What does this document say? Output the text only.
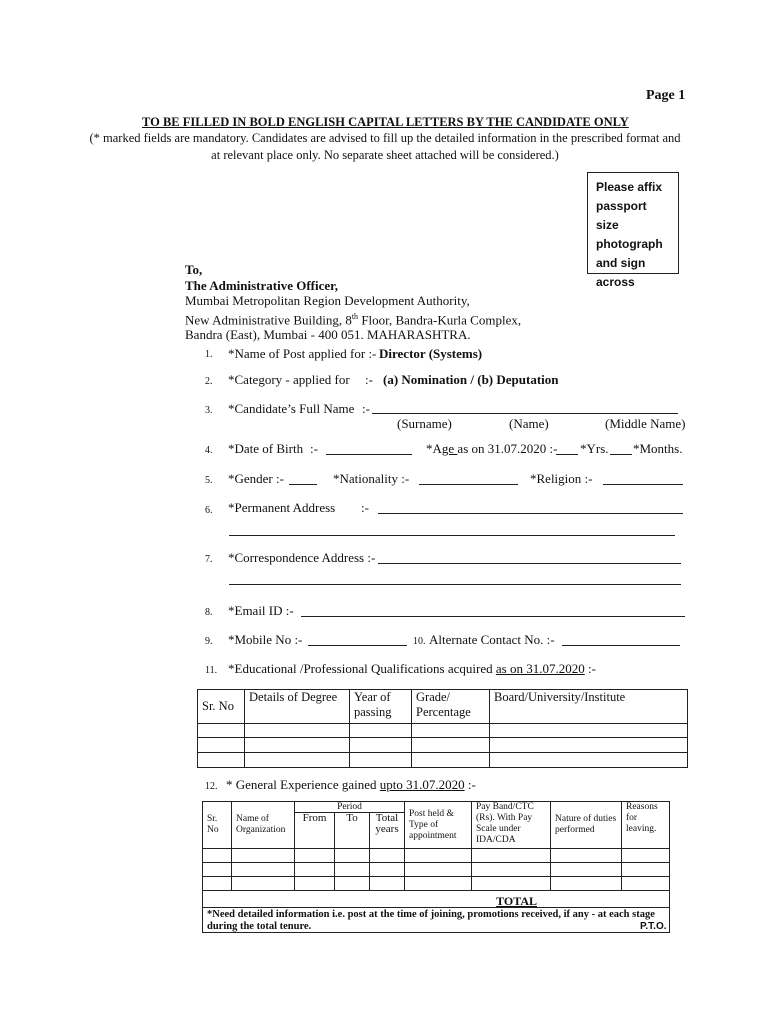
Page 1
TO BE FILLED IN BOLD ENGLISH CAPITAL LETTERS BY THE CANDIDATE ONLY
(* marked fields are mandatory. Candidates are advised to fill up the detailed information in the prescribed format and
at relevant place only. No separate sheet attached will be considered.)
Please affix
passport size
photograph
and sign
across
To,
The Administrative Officer,
Mumbai Metropolitan Region Development Authority,
New Administrative Building, 8th Floor, Bandra-Kurla Complex,
Bandra (East), Mumbai - 400 051. MAHARASHTRA.
1. *Name of Post applied for :- Director (Systems)
2. *Category - applied for :- (a) Nomination / (b) Deputation
3. *Candidate’s Full Name :-
(Surname)	(Name)	(Middle Name)
4. *Date of Birth :-	*Age as on 31.07.2020 :- *Yrs. *Months.
5. *Gender :-	*Nationality :-	*Religion :-
6. *Permanent Address :-
7. *Correspondence Address :-
8. *Email ID :-
9. *Mobile No :-	10. Alternate Contact No. :-
11. *Educational /Professional Qualifications acquired as on 31.07.2020 :-
Sr. No	Details of Degree	Year of passing	Grade/ Percentage	Board/University/Institute

12. * General Experience gained upto 31.07.2020 :-
Sr. No	Name of Organization	Period			Post held & Type of appointment	Pay Band/CTC (Rs). With Pay Scale under IDA/CDA	Nature of duties performed	Reasons for leaving.
		From	To	Total years				

TOTAL								
*Need detailed information i.e. post at the time of joining, promotions received, if any - at each stage during the total tenure.									P.T.O.
